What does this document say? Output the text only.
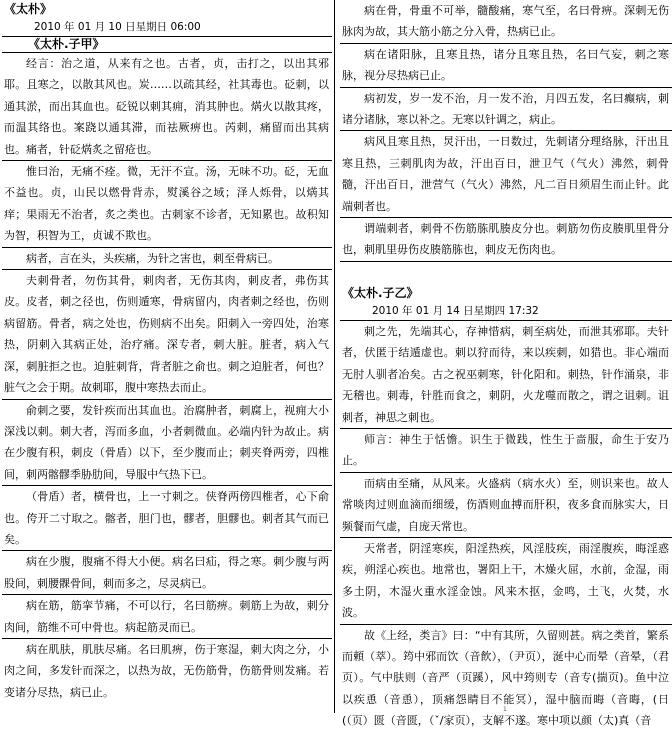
《太朴》
2010 年 01 月 10 日星期日 06:00
《太朴.子甲》

经言：治之道，从来有之也。古者，贞，击打之，以出其邪耶。且寒之，以散其风也。炭……以疏其经，社其毒也。砭刺，以通其淤，而出其血也。砭锐以刺其痈，消其肿也。焫火以散其疼，而温其络也。案跷以通其滞，而祛厥痹也。芮刺，痛留而出其病也。痛者，针砭焫炙之留疮也。

惟曰治，无痛不痊。微，无汗不宣。汤，无味不功。砭，无血不益也。贞，山民以燃骨背赤，熨溪谷之域；泽人烁骨，以焫其痒；果雨无不治者，炙之类也。古刺家不诊者，无知累也。故积知为智，积智为工，贞诚不欺也。

病者，言在头，头疾痛，为针之害也，刺至骨病已。

夫刺骨者，勿伤其骨，刺肉者，无伤其肉，刺皮者，弗伤其皮。皮者，刺之径也，伤则遁寒，骨病留内，肉者刺之经也，伤则病留筋。骨者，病之处也，伤则病不出矣。阳刺入一旁四处，治寒热，阴刺入其病正处，治疗痛。深专者，刺大脏。脏者，病入气深，刺脏拒之也。迫脏刺背，背者脏之俞也。刺之迫脏者，何也？脏气之会于期。故刺耶，腹中寒热去而止。

俞刺之要，发针疾而出其血也。治腐肿者，刺腐上，视痈大小深浅以刺。刺大者，泻而多血，小者刺微血。必端内针为故止。病在少腹有积，刺皮（骨盾）以下，至少腹而止；刺夹脊两旁，四椎间，刺两髂髎季胁肋间，导服中气热下已。

（骨盾）者，横骨也，上一寸刺之。侠脊两傍四椎者，心下俞也。侉开二寸取之。髂者，胆门也，髎者，胆髎也。刺者其气而已矣。

病在少腹，腹痛不得大小便。病名曰疝，得之寒。刺少腹与两股间，刺腰髁骨间，刺而多之，尽灵病已。

病在筋，筋挛节痛，不可以行，名曰筋痹。刺筋上为故，刺分肉间，筋维不可中骨也。病起筋灵而已。

病在肌肤，肌肤尽痛。名曰肌痹，伤于寒湿，刺大肉之分，小肉之间，多发针而深之，以热为故，无伤筋骨，伤筋骨则发痛。若变诸分尽热，病已止。

病在骨，骨重不可举，髓酸痛，寒气至，名曰骨痹。深刺无伤脉肉为故，其大筋小筋之分入骨，热病已止。

病在诸阳脉，且寒且热，诸分且寒且热，名曰气妄，刺之寒脉，视分尽热病已止。

病初发，岁一发不治，月一发不治，月四五发，名曰癫病，刺诸分诸脉，寒以补之。无寒以针调之，病止。

病风且寒且热，炅汗出，一日数过，先刺诸分理络脉，汗出且寒且热，三刺肌肉为故，汗出百日，泄卫气（气火）沸然，刺骨髓，汗出百日，泄营气（气火）沸然，凡二百日须眉生而止针。此端刺者也。

谓端刺者，刺骨不伤筋胨肌腠皮分也。刺筋勿伤皮腠肌里骨分也，刺肌里毋伤皮腠筋胨也，刺皮无伤肉也。

《太朴.子乙》
2010 年 01 月 14 日星期四 17:32

刺之先，先端其心，存神惜病，刺至病处，而泄其邪耶。夫针者，伏匿于结遁虚也。刺以狩而待，来以疾刺，如猎也。非心端而无肘人驯者冶矣。古之祝巫刺寒，针化阳和。刺热，针作涌泉，非无稽也。刺毒，针胜而食之，刺阴，火龙噬而散之，谓之诅刺。诅刺者，神思之刺也。

师言：神生于恬憺。识生于微践，性生于啬服，命生于安乃止。

而病由至痛，从风来。火盛病（病水火）至，则识来也。故人常啖肉过则血滴而细缓，伤酒则血搏而肝积，夜多食而脉实大，日频餐而气虚，自庞天常也。

天常者，阴淫寒疾，阳淫热疾，风淫肢疾，雨淫腹疾，晦淫惑疾，朔淫心疾也。地常也，署阳上干，木燥火屈，水前，金湿，雨多土阴，木湿火重水淫金蚀。风来木抠，金鸣，土飞，火焚，水波。

故《上经，类言》曰：“中有其所，久留则甚。病之类首，繁系而頼（萃）。筠中邪而饮（音飲），（尹页），涎中心而晕（音晕，（君页）。气中肤则（音严（页蹊），风中筠则专（音专(揣页)。鱼中泣以疾恿（音恿），顶痛怨睛目不能冥），湿中脑而晦（音晦，(日(（页）匮（音匮，（ˇ/家页），支解不遂。寒中项以颜（太)真（音

1
